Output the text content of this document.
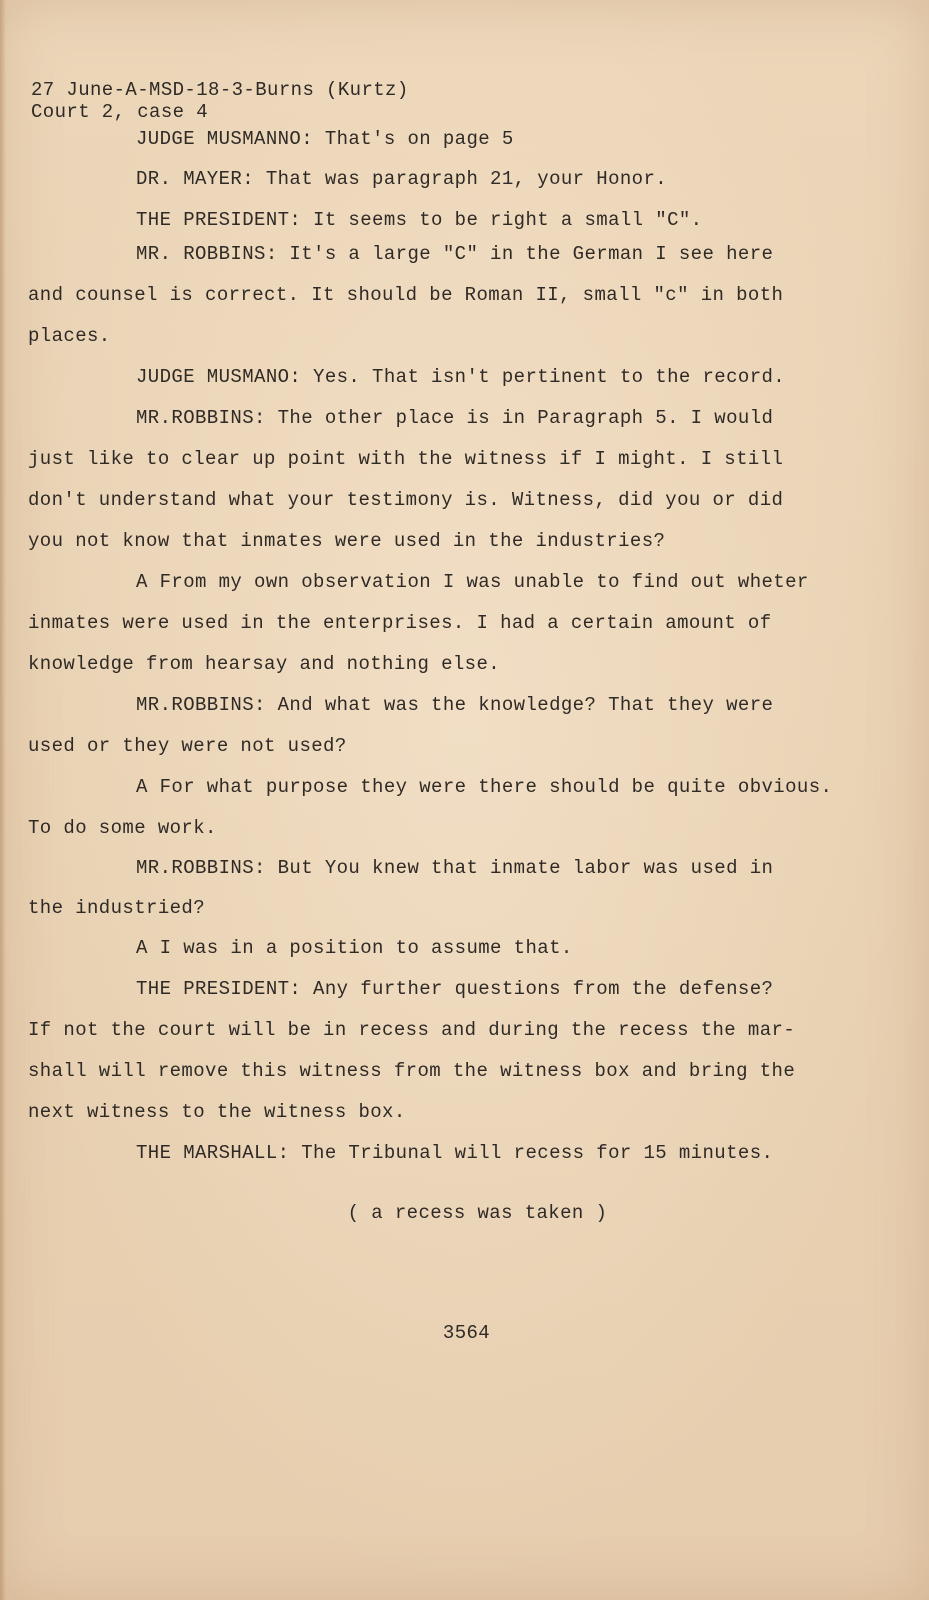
27 June-A-MSD-18-3-Burns (Kurtz)
Court 2, case 4
JUDGE MUSMANNO: That's on page 5
DR. MAYER: That was paragraph 21, your Honor.
THE PRESIDENT: It seems to be right a small "C".
MR. ROBBINS: It's a large "C" in the German I see here
and counsel is correct. It should be Roman II, small "c" in both
places.
JUDGE MUSMANO: Yes. That isn't pertinent to the record.
MR.ROBBINS: The other place is in Paragraph 5. I would
just like to clear up point with the witness if I might. I still
don't understand what your testimony is. Witness, did you or did
you not know that inmates were used in the industries?
A From my own observation I was unable to find out wheter
inmates were used in the enterprises. I had a certain amount of
knowledge from hearsay and nothing else.
MR.ROBBINS: And what was the knowledge? That they were
used or they were not used?
A For what purpose they were there should be quite obvious.
To do some work.
MR.ROBBINS: But You knew that inmate labor was used in
the industried?
A I was in a position to assume that.
THE PRESIDENT: Any further questions from the defense?
If not the court will be in recess and during the recess the mar-
shall will remove this witness from the witness box and bring the
next witness to the witness box.
THE MARSHALL: The Tribunal will recess for 15 minutes.
( a recess was taken )
3564
